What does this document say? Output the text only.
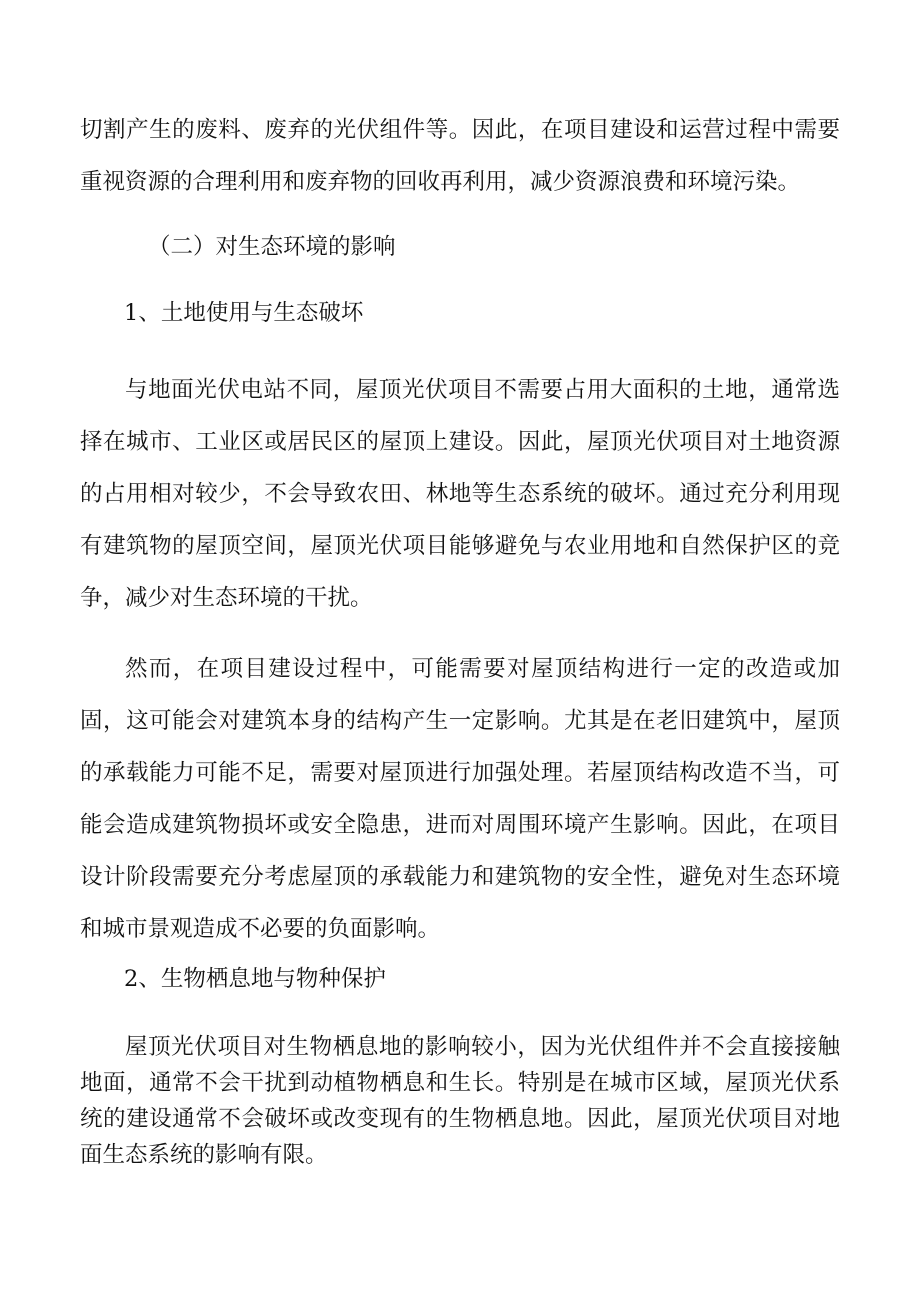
切割产生的废料、废弃的光伏组件等。因此，在项目建设和运营过程中需要重视资源的合理利用和废弃物的回收再利用，减少资源浪费和环境污染。

（二）对生态环境的影响

1、土地使用与生态破坏

与地面光伏电站不同，屋顶光伏项目不需要占用大面积的土地，通常选择在城市、工业区或居民区的屋顶上建设。因此，屋顶光伏项目对土地资源的占用相对较少，不会导致农田、林地等生态系统的破坏。通过充分利用现有建筑物的屋顶空间，屋顶光伏项目能够避免与农业用地和自然保护区的竞争，减少对生态环境的干扰。

然而，在项目建设过程中，可能需要对屋顶结构进行一定的改造或加固，这可能会对建筑本身的结构产生一定影响。尤其是在老旧建筑中，屋顶的承载能力可能不足，需要对屋顶进行加强处理。若屋顶结构改造不当，可能会造成建筑物损坏或安全隐患，进而对周围环境产生影响。因此，在项目设计阶段需要充分考虑屋顶的承载能力和建筑物的安全性，避免对生态环境和城市景观造成不必要的负面影响。

2、生物栖息地与物种保护

屋顶光伏项目对生物栖息地的影响较小，因为光伏组件并不会直接接触地面，通常不会干扰到动植物栖息和生长。特别是在城市区域，屋顶光伏系统的建设通常不会破坏或改变现有的生物栖息地。因此，屋顶光伏项目对地面生态系统的影响有限。
